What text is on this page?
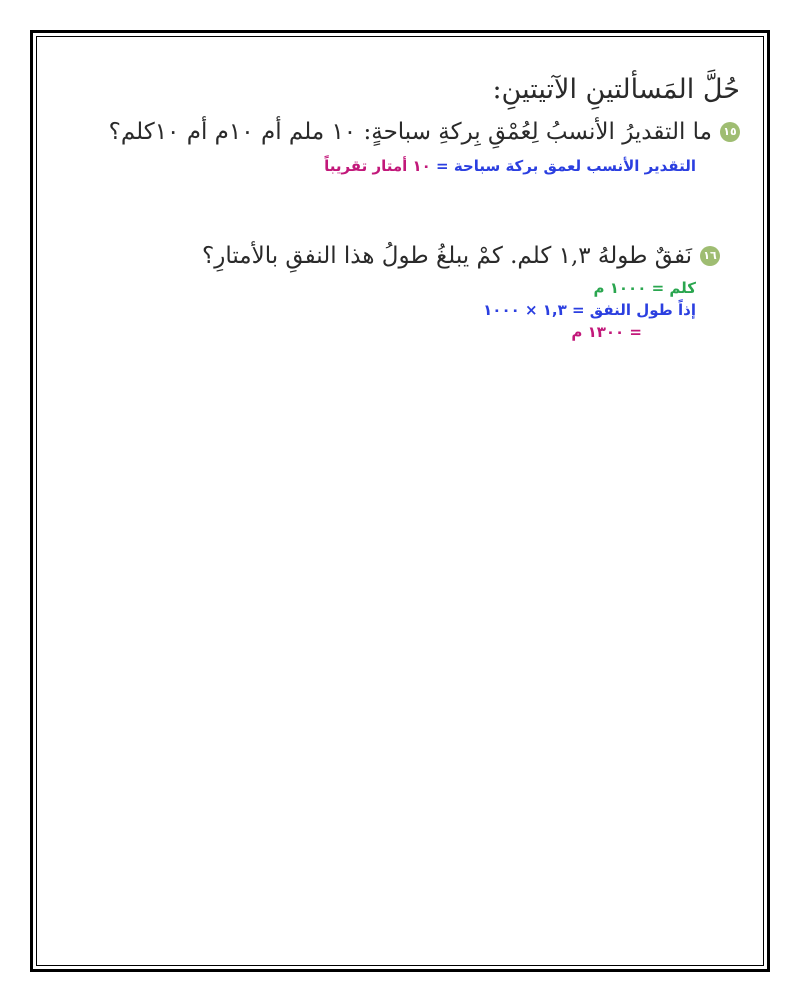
حُلَّ المَسألتينِ الآتيتينِ:
١٥
ما التقديرُ الأنسبُ لِعُمْقِ بِركةِ سباحةٍ: ١٠ ملم أم ١٠م أم ١٠كلم؟
التقدير الأنسب لعمق بركة سباحة = ١٠ أمتار تقريباً
١٦
نَفقٌ طولهُ ١,٣ كلم. كمْ يبلغُ طولُ هذا النفقِ بالأمتارِ؟
كلم = ١٠٠٠ م
إذاً طول النفق = ١,٣ × ١٠٠٠
= ١٣٠٠ م
